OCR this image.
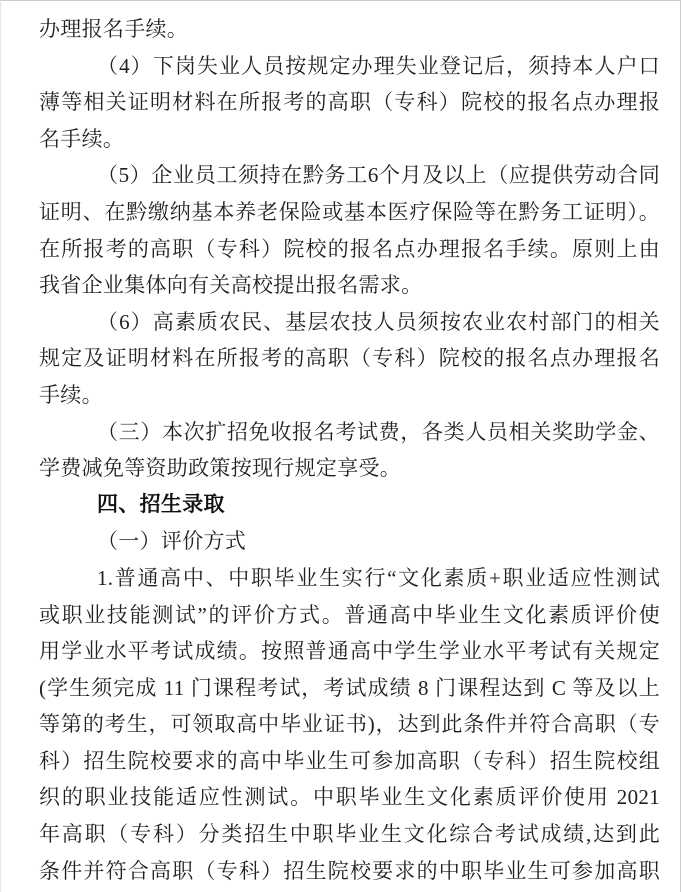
办理报名手续。
（4）下岗失业人员按规定办理失业登记后，须持本人户口
薄等相关证明材料在所报考的高职（专科）院校的报名点办理报
名手续。
（5）企业员工须持在黔务工6个月及以上（应提供劳动合同
证明、在黔缴纳基本养老保险或基本医疗保险等在黔务工证明）。
在所报考的高职（专科）院校的报名点办理报名手续。原则上由
我省企业集体向有关高校提出报名需求。
（6）高素质农民、基层农技人员须按农业农村部门的相关
规定及证明材料在所报考的高职（专科）院校的报名点办理报名
手续。
（三）本次扩招免收报名考试费，各类人员相关奖助学金、
学费减免等资助政策按现行规定享受。
四、招生录取
（一）评价方式
1.普通高中、中职毕业生实行“文化素质+职业适应性测试
或职业技能测试”的评价方式。普通高中毕业生文化素质评价使
用学业水平考试成绩。按照普通高中学生学业水平考试有关规定
(学生须完成 11 门课程考试，考试成绩 8 门课程达到 C 等及以上
等第的考生，可领取高中毕业证书)，达到此条件并符合高职（专
科）招生院校要求的高中毕业生可参加高职（专科）招生院校组
织的职业技能适应性测试。中职毕业生文化素质评价使用 2021
年高职（专科）分类招生中职毕业生文化综合考试成绩,达到此
条件并符合高职（专科）招生院校要求的中职毕业生可参加高职
